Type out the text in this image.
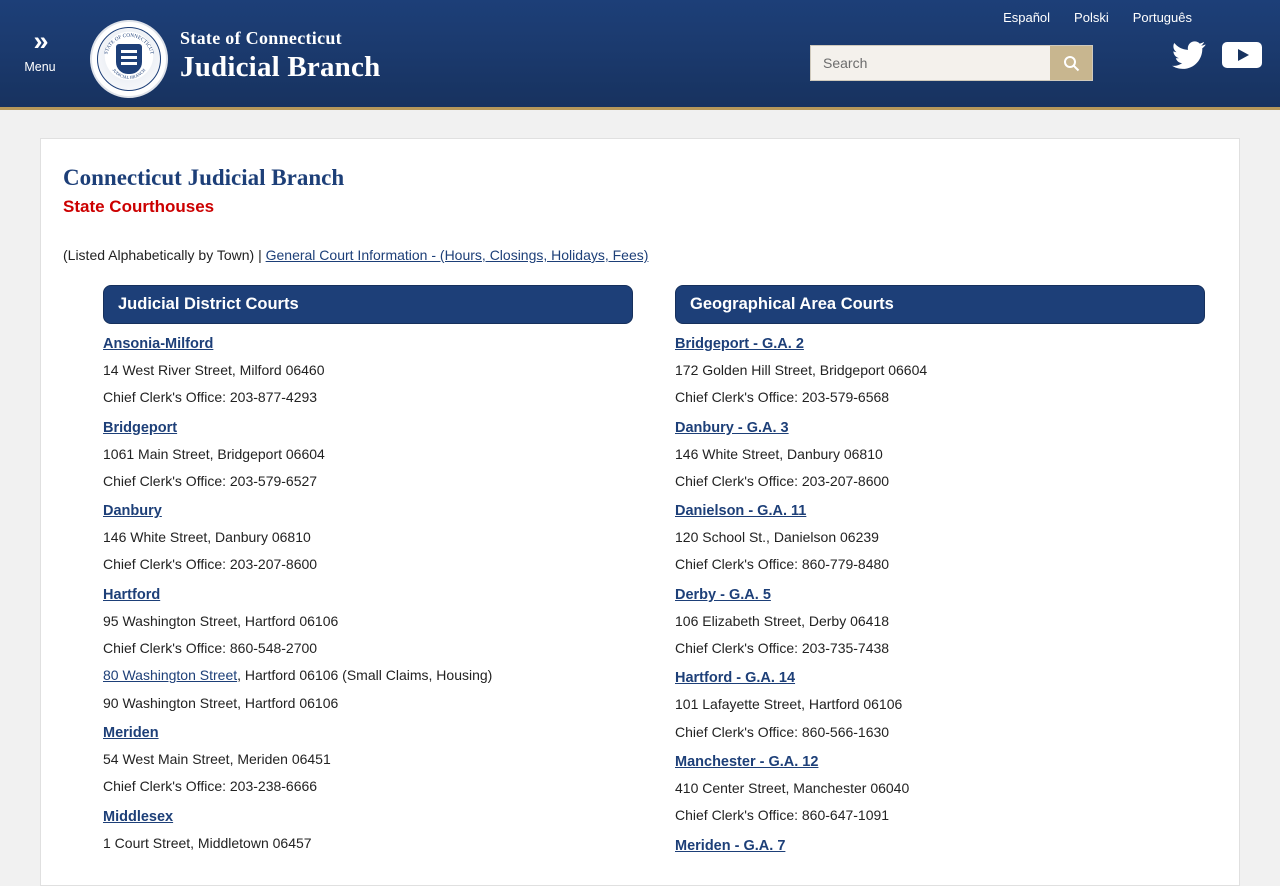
»
Menu
STATE OF CONNECTICUT
JUDICIAL BRANCH
State of Connecticut
Judicial Branch
Español Polski Português
Search
Connecticut Judicial Branch
State Courthouses
(Listed Alphabetically by Town) | General Court Information - (Hours, Closings, Holidays, Fees)
Judicial District Courts
Ansonia-Milford
14 West River Street, Milford 06460
Chief Clerk's Office: 203-877-4293
Bridgeport
1061 Main Street, Bridgeport 06604
Chief Clerk's Office: 203-579-6527
Danbury
146 White Street, Danbury 06810
Chief Clerk's Office: 203-207-8600
Hartford
95 Washington Street, Hartford 06106
Chief Clerk's Office: 860-548-2700
80 Washington Street, Hartford 06106 (Small Claims, Housing)
90 Washington Street, Hartford 06106
Meriden
54 West Main Street, Meriden 06451
Chief Clerk's Office: 203-238-6666
Middlesex
1 Court Street, Middletown 06457
Geographical Area Courts
Bridgeport - G.A. 2
172 Golden Hill Street, Bridgeport 06604
Chief Clerk's Office: 203-579-6568
Danbury - G.A. 3
146 White Street, Danbury 06810
Chief Clerk's Office: 203-207-8600
Danielson - G.A. 11
120 School St., Danielson 06239
Chief Clerk's Office: 860-779-8480
Derby - G.A. 5
106 Elizabeth Street, Derby 06418
Chief Clerk's Office: 203-735-7438
Hartford - G.A. 14
101 Lafayette Street, Hartford 06106
Chief Clerk's Office: 860-566-1630
Manchester - G.A. 12
410 Center Street, Manchester 06040
Chief Clerk's Office: 860-647-1091
Meriden - G.A. 7
